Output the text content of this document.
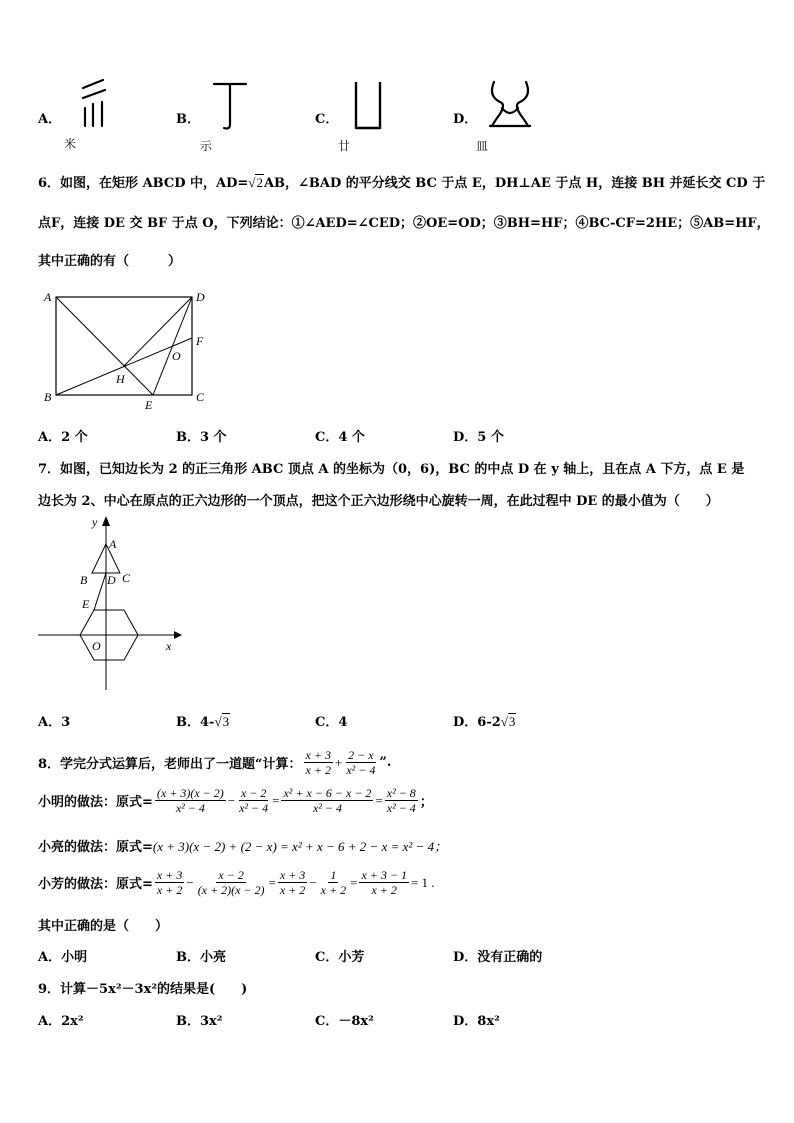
A．
米
B．
示
C．
廿
D．
皿
6．如图，在矩形 ABCD 中，AD=√2AB，∠BAD 的平分线交 BC 于点 E，DH⊥AE 于点 H，连接 BH 并延长交 CD 于
点F，连接 DE 交 BF 于点 O，下列结论：①∠AED=∠CED；②OE=OD；③BH=HF；④BC-CF=2HE；⑤AB=HF，
其中正确的有（　　　）
A	D
B	C
E
F
H
O
A．2 个	B．3 个	C．4 个	D．5 个
7．如图，已知边长为 2 的正三角形 ABC 顶点 A 的坐标为（0，6)，BC 的中点 D 在 y 轴上，且在点 A 下方，点 E 是
边长为 2、中心在原点的正六边形的一个顶点，把这个正六边形绕中心旋转一周，在此过程中 DE 的最小值为（　　）
y
x
A
B	C
D
E
O
A．3	B．4-√3	C．4	D．6-2√3
8．学完分式运算后，老师出了一道题“计算： $\frac{x + 3}{x + 2} + \frac{2 - x}{\text{x² − 4}}$ ”.
小明的做法：原式= $\frac{(x + 3)(x - 2)}{\text{x² − 4}} - \frac{x - 2}{\text{x² − 4}} = \frac{\text{x² + x − 6 − x − 2}}{\text{x² − 4}} = \frac{\text{x² − 8}}{\text{x² − 4}}$ ；
小亮的做法：原式=(x + 3)(x − 2) + (2 − x) = x² + x − 6 + 2 − x = x² − 4；
小芳的做法：原式= $\frac{x + 3}{x + 2} - \frac{x - 2}{(x + 2)(x - 2)} = \frac{x + 3}{x + 2} - \frac{1}{x + 2} = \frac{x + 3 - 1}{x + 2} = 1$ .
其中正确的是（　　）
A．小明	B．小亮	C．小芳	D．没有正确的
9．计算－5x²－3x²的结果是(　　)
A．2x²	B．3x²	C．－8x²	D．8x²
